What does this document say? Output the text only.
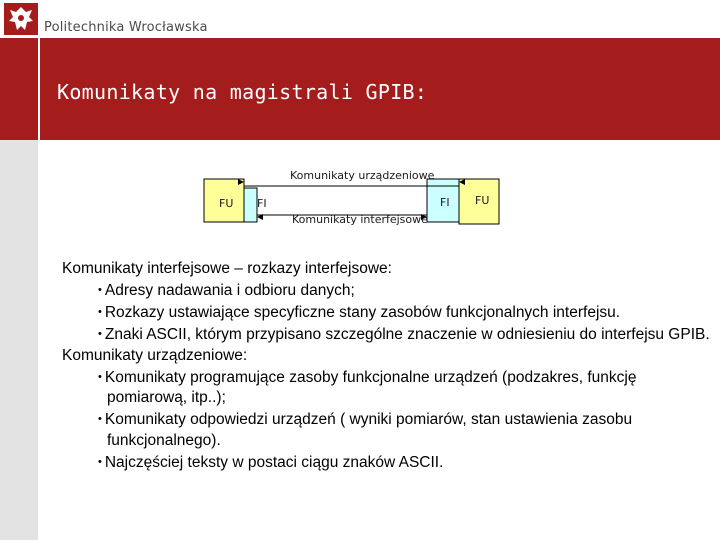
Politechnika Wrocławska
Komunikaty na magistrali GPIB:
Komunikaty urządzeniowe
Komunikaty interfejsowe
FU FI	FI FU
Komunikaty interfejsowe – rozkazy interfejsowe:
• Adresy nadawania i odbioru danych;
• Rozkazy ustawiające specyficzne stany zasobów funkcjonalnych interfejsu.
• Znaki ASCII, którym przypisano szczególne znaczenie w odniesieniu do interfejsu GPIB.
Komunikaty urządzeniowe:
• Komunikaty programujące zasoby funkcjonalne urządzeń (podzakres, funkcję pomiarową, itp..);
• Komunikaty odpowiedzi urządzeń ( wyniki pomiarów, stan ustawienia zasobu funkcjonalnego).
• Najczęściej teksty w postaci ciągu znaków ASCII.
